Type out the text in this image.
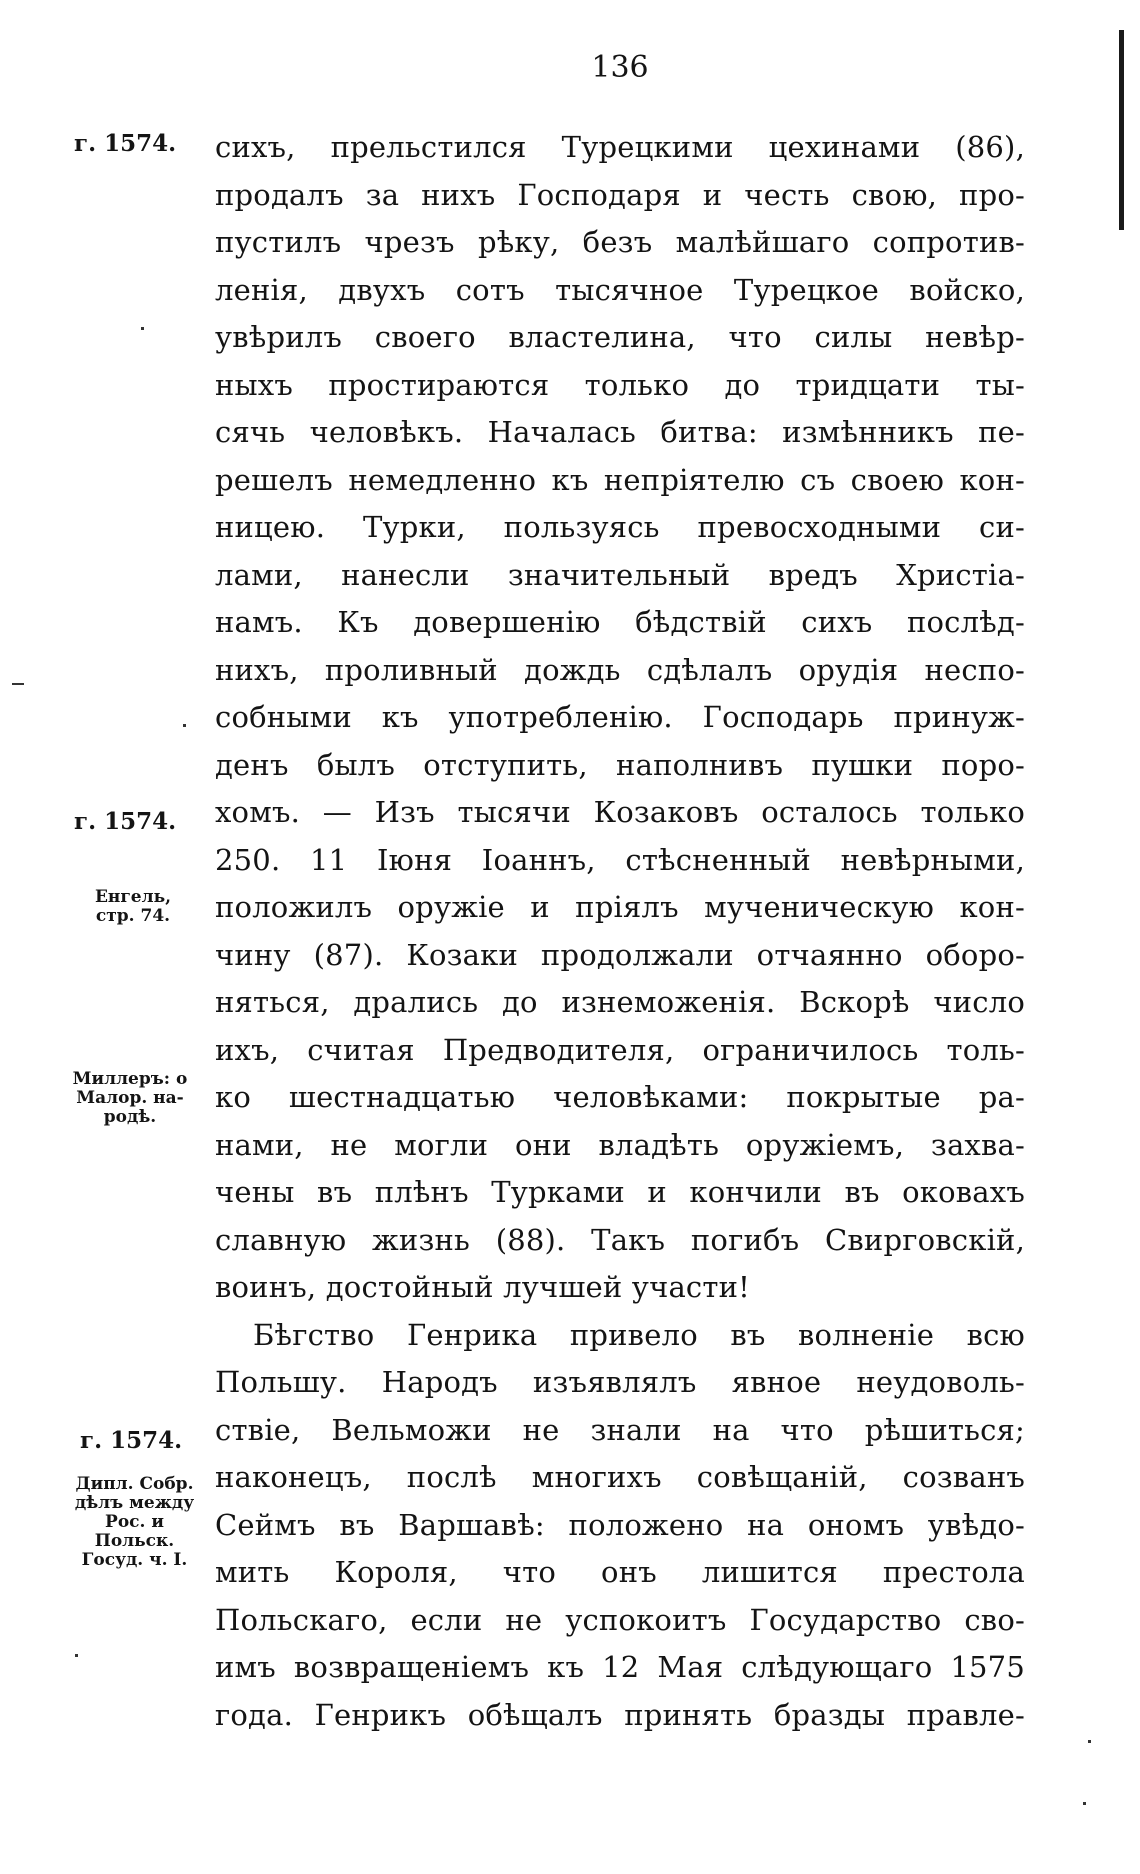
136
г. 1574.
г. 1574.
Енгель,
стр. 74.
Миллеръ: о
Малор. на-
родѣ.
г. 1574.
Дипл. Собр.
дѣлъ между
Рос. и
Польск.
Госуд. ч. I.
сихъ, прельстился Турецкими цехинами (86),
продалъ за нихъ Господаря и честь свою, про-
пустилъ чрезъ рѣку, безъ малѣйшаго сопротив-
ленія, двухъ сотъ тысячное Турецкое войско,
увѣрилъ своего властелина, что силы невѣр-
ныхъ простираются только до тридцати ты-
сячь человѣкъ. Началась битва: измѣнникъ пе-
решелъ немедленно къ непріятелю съ своею кон-
ницею. Турки, пользуясь превосходными си-
лами, нанесли значительный вредъ Христіа-
намъ. Къ довершенію бѣдствій сихъ послѣд-
нихъ, проливный дождь сдѣлалъ орудія неспо-
собными къ употребленію. Господарь принуж-
денъ былъ отступить, наполнивъ пушки поро-
хомъ. — Изъ тысячи Козаковъ осталось только
250. 11 Іюня Іоаннъ, стѣсненный невѣрными,
положилъ оружіе и пріялъ мученическую кон-
чину (87). Козаки продолжали отчаянно оборо-
няться, дрались до изнеможенія. Вскорѣ число
ихъ, считая Предводителя, ограничилось толь-
ко шестнадцатью человѣками: покрытые ра-
нами, не могли они владѣть оружіемъ, захва-
чены въ плѣнъ Турками и кончили въ оковахъ
славную жизнь (88). Такъ погибъ Свирговскій,
воинъ, достойный лучшей участи!
Бѣгство Генрика привело въ волненіе всю
Польшу. Народъ изъявлялъ явное неудоволь-
ствіе, Вельможи не знали на что рѣшиться;
наконецъ, послѣ многихъ совѣщаній, созванъ
Сеймъ въ Варшавѣ: положено на ономъ увѣдо-
мить Короля, что онъ лишится престола
Польскаго, если не успокоитъ Государство сво-
имъ возвращеніемъ къ 12 Мая слѣдующаго 1575
года. Генрикъ обѣщалъ принять бразды правле-
